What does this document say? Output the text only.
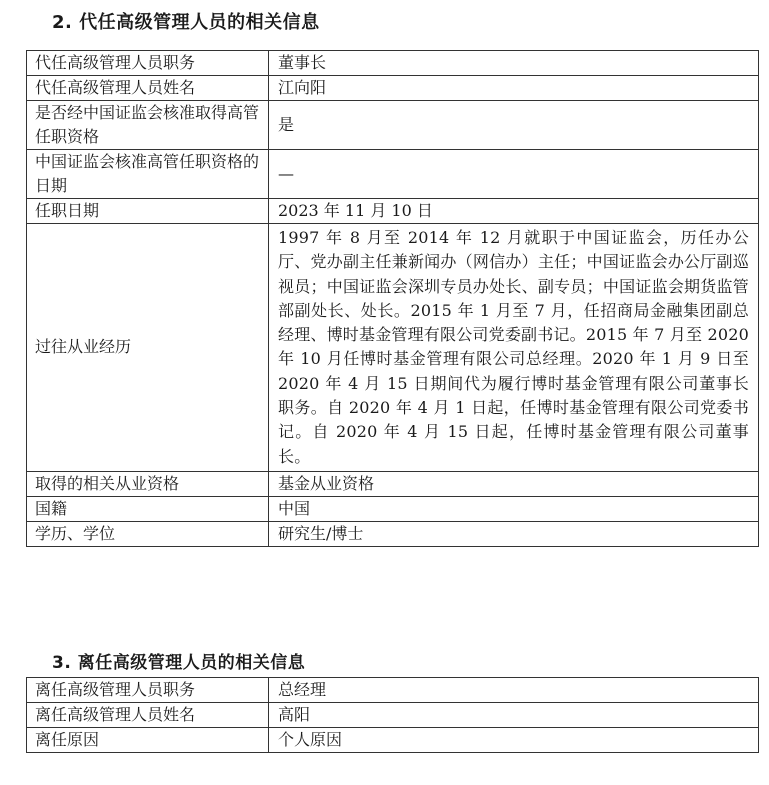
2. 代任高级管理人员的相关信息
代任高级管理人员职务	董事长
代任高级管理人员姓名	江向阳
是否经中国证监会核准取得高管任职资格	是
中国证监会核准高管任职资格的日期	—
任职日期	2023 年 11 月 10 日
过往从业经历	1997 年 8 月至 2014 年 12 月就职于中国证监会，历任办公厅、党办副主任兼新闻办（网信办）主任；中国证监会办公厅副巡视员；中国证监会深圳专员办处长、副专员；中国证监会期货监管部副处长、处长。2015 年 1 月至 7 月，任招商局金融集团副总经理、博时基金管理有限公司党委副书记。2015 年 7 月至 2020 年 10 月任博时基金管理有限公司总经理。2020 年 1 月 9 日至 2020 年 4 月 15 日期间代为履行博时基金管理有限公司董事长职务。自 2020 年 4 月 1 日起，任博时基金管理有限公司党委书记。自 2020 年 4 月 15 日起，任博时基金管理有限公司董事长。
取得的相关从业资格	基金从业资格
国籍	中国
学历、学位	研究生/博士
3. 离任高级管理人员的相关信息
离任高级管理人员职务	总经理
离任高级管理人员姓名	高阳
离任原因	个人原因
